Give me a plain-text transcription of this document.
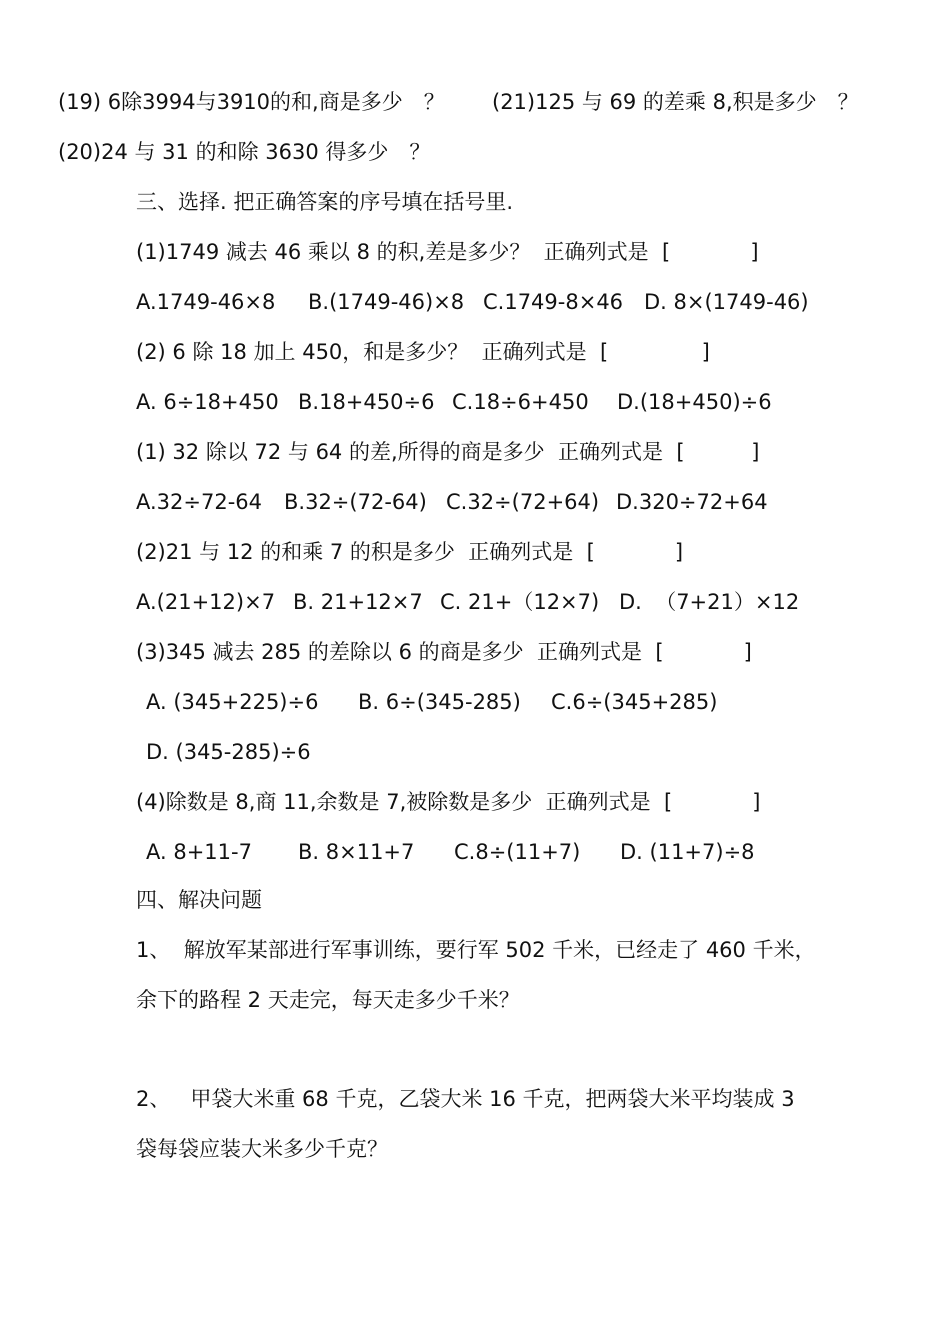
(19) 6除3994与3910的和,商是多少　？ (21)125 与 69 的差乘 8,积是多少　？
(20)24 与 31 的和除 3630 得多少　？
三、选择. 把正确答案的序号填在括号里.
(1)1749 减去 46 乘以 8 的积,差是多少？  正确列式是  [            ]
A.1749-46×8 B.(1749-46)×8 C.1749-8×46 D. 8×(1749-46)
(2) 6 除 18 加上 450，和是多少？  正确列式是  [              ]
A. 6÷18+450 B.18+450÷6 C.18÷6+450 D.(18+450)÷6
(1) 32 除以 72 与 64 的差,所得的商是多少  正确列式是  [          ]
A.32÷72-64 B.32÷(72-64) C.32÷(72+64) D.320÷72+64
(2)21 与 12 的和乘 7 的积是多少  正确列式是  [            ]
A.(21+12)×7 B. 21+12×7 C. 21+（12×7) D.  （7+21）×12
(3)345 减去 285 的差除以 6 的商是多少  正确列式是  [            ]
A. (345+225)÷6 B. 6÷(345-285) C.6÷(345+285)
D. (345-285)÷6
(4)除数是 8,商 11,余数是 7,被除数是多少  正确列式是  [            ]
A. 8+11-7 B. 8×11+7 C.8÷(11+7) D. (11+7)÷8
四、解决问题
1、  解放军某部进行军事训练，要行军 502 千米，已经走了 460 千米，
余下的路程 2 天走完，每天走多少千米？
2、   甲袋大米重 68 千克，乙袋大米 16 千克，把两袋大米平均装成 3
袋每袋应装大米多少千克？
